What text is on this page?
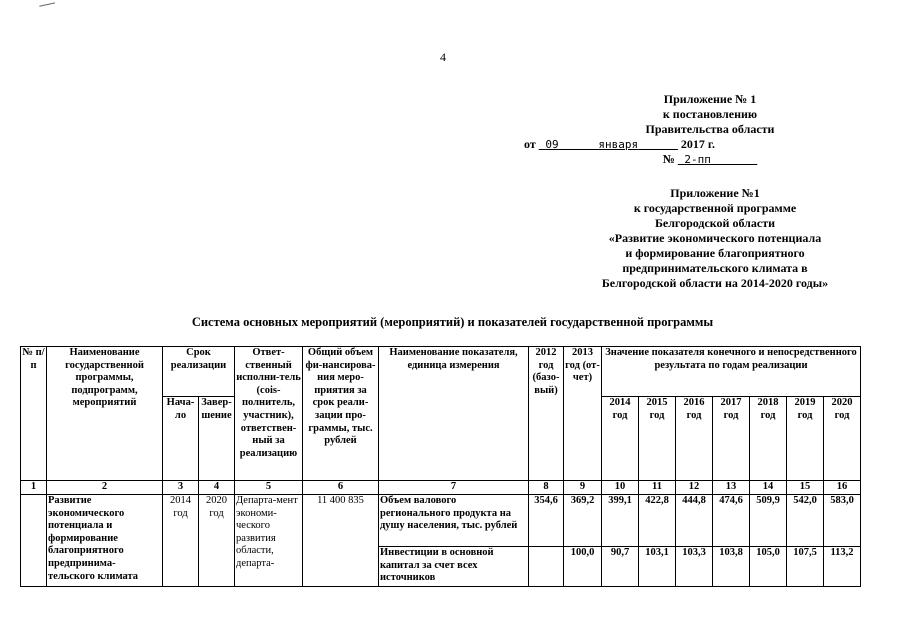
4
Приложение № 1
к постановлению
Правительства области
от 09	января	2017 г.
№ 2-пп
Приложение №1
к государственной программе
Белгородской области
«Развитие экономического потенциала
и формирование благоприятного
предпринимательского климата в
Белгородской области на 2014-2020 годы»
Система основных мероприятий (мероприятий) и показателей государственной программы
№ п/п	Наименование государственной программы, подпрограмм, мероприятий	Срок реализации		Ответ-ственный исполни-тель (сois-полнитель, участник), ответствен-ный за реализацию	Общий объем фи-нансирова-ния меро-приятия за срок реали-зации про-граммы, тыс. рублей	Наименование показателя, единица измерения	2012 год (базо-вый)	2013 год (от-чет)	Значение показателя конечного и непосредственного результата по годам реализации						
		Нача-ло	Завер-шение						2014 год	2015 год	2016 год	2017 год	2018 год	2019 год	2020 год
1	2	3	4	5	6	7	8	9	10	11	12	13	14	15	16
	Развитие экономического потенциала и формирование благоприятного предпринима-тельского климата	2014 год	2020 год	Департа-мент экономи-ческого развития области, департа-	11 400 835	Объем валового регионального продукта на душу населения, тыс. рублей	354,6	369,2	399,1	422,8	444,8	474,6	509,9	542,0	583,0
						Инвестиции в основной капитал за счет всех источников		100,0	90,7	103,1	103,3	103,8	105,0	107,5	113,2
